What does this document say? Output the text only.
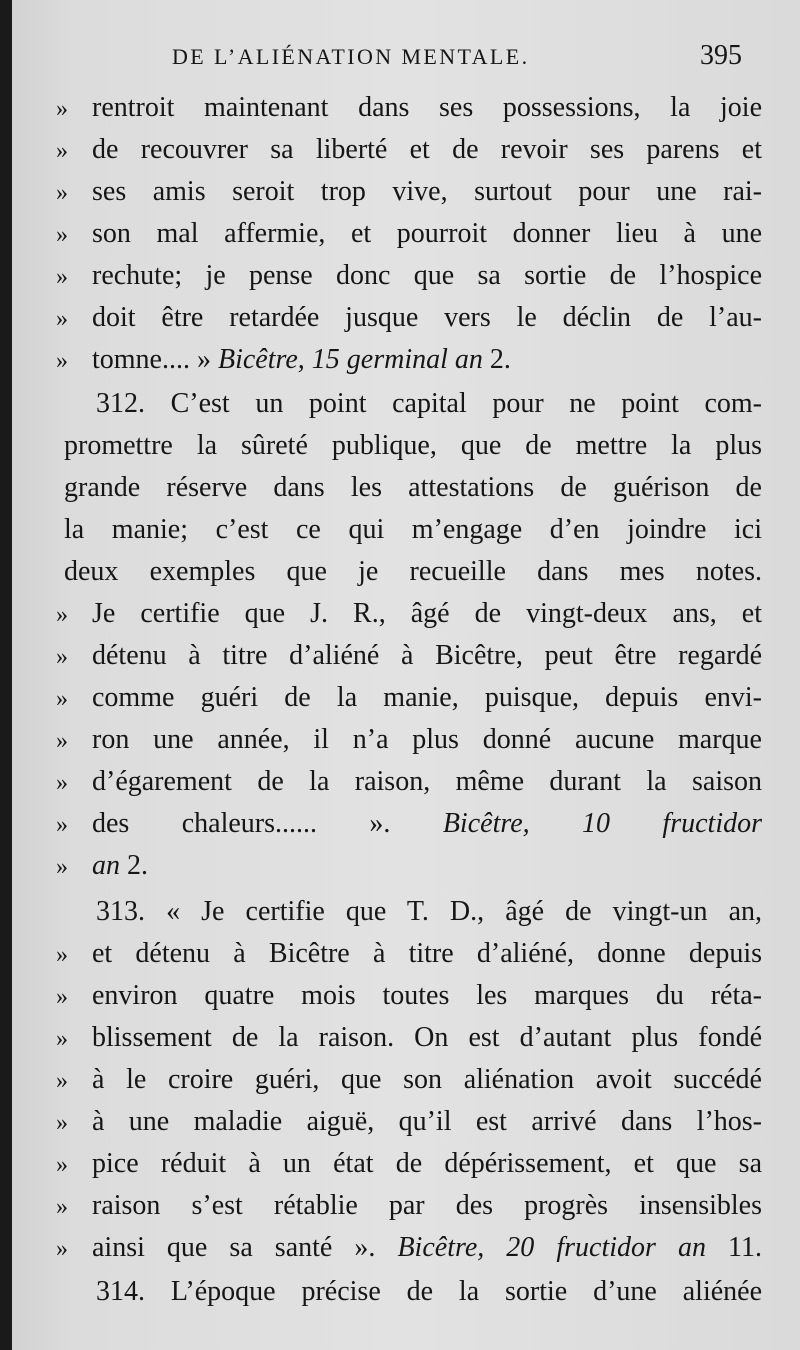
DE L’ALIÉNATION MENTALE.	395
» rentroit maintenant dans ses possessions, la joie
» de recouvrer sa liberté et de revoir ses parens et
» ses amis seroit trop vive, surtout pour une rai-
» son mal affermie, et pourroit donner lieu à une
» rechute; je pense donc que sa sortie de l’hospice
» doit être retardée jusque vers le déclin de l’au-
» tomne.... » Bicêtre, 15 germinal an 2.
312. C’est un point capital pour ne point com-
promettre la sûreté publique, que de mettre la plus
grande réserve dans les attestations de guérison de
la manie; c’est ce qui m’engage d’en joindre ici
deux exemples que je recueille dans mes notes.
» Je certifie que J. R., âgé de vingt-deux ans, et
» détenu à titre d’aliéné à Bicêtre, peut être regardé
» comme guéri de la manie, puisque, depuis envi-
» ron une année, il n’a plus donné aucune marque
» d’égarement de la raison, même durant la saison
» des chaleurs...... ». Bicêtre, 10 fructidor
» an 2.
313. « Je certifie que T. D., âgé de vingt-un an,
» et détenu à Bicêtre à titre d’aliéné, donne depuis
» environ quatre mois toutes les marques du réta-
» blissement de la raison. On est d’autant plus fondé
» à le croire guéri, que son aliénation avoit succédé
» à une maladie aiguë, qu’il est arrivé dans l’hos-
» pice réduit à un état de dépérissement, et que sa
» raison s’est rétablie par des progrès insensibles
» ainsi que sa santé ». Bicêtre, 20 fructidor an 11.
314. L’époque précise de la sortie d’une aliénée
